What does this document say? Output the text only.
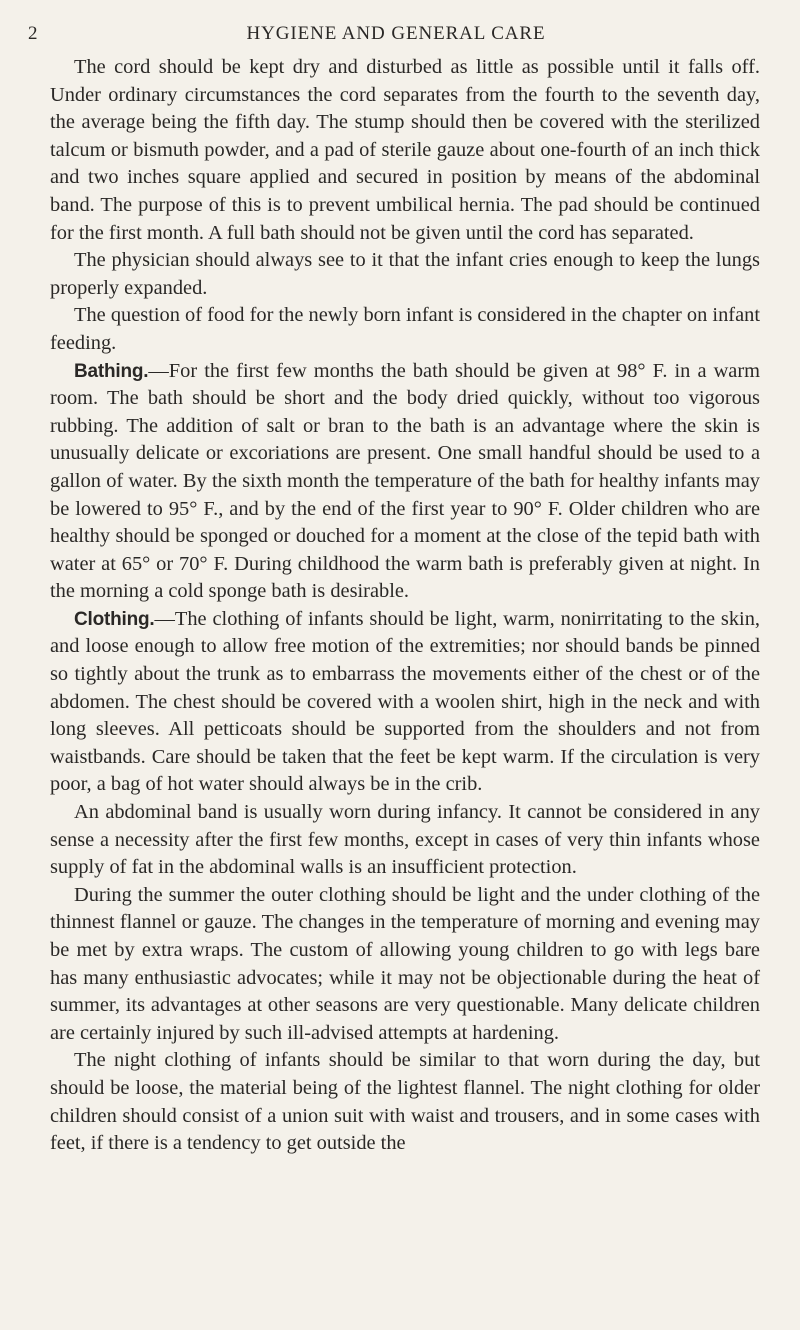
2	HYGIENE AND GENERAL CARE

The cord should be kept dry and disturbed as little as possible until it falls off. Under ordinary circumstances the cord separates from the fourth to the seventh day, the average being the fifth day. The stump should then be covered with the sterilized talcum or bismuth powder, and a pad of sterile gauze about one-fourth of an inch thick and two inches square applied and secured in position by means of the abdominal band. The purpose of this is to prevent umbilical hernia. The pad should be continued for the first month. A full bath should not be given until the cord has separated.

The physician should always see to it that the infant cries enough to keep the lungs properly expanded.

The question of food for the newly born infant is considered in the chapter on infant feeding.

Bathing.—For the first few months the bath should be given at 98° F. in a warm room. The bath should be short and the body dried quickly, without too vigorous rubbing. The addition of salt or bran to the bath is an advantage where the skin is unusually delicate or excoriations are present. One small handful should be used to a gallon of water. By the sixth month the temperature of the bath for healthy infants may be lowered to 95° F., and by the end of the first year to 90° F. Older children who are healthy should be sponged or douched for a moment at the close of the tepid bath with water at 65° or 70° F. During childhood the warm bath is preferably given at night. In the morning a cold sponge bath is desirable.

Clothing.—The clothing of infants should be light, warm, nonirritating to the skin, and loose enough to allow free motion of the extremities; nor should bands be pinned so tightly about the trunk as to embarrass the movements either of the chest or of the abdomen. The chest should be covered with a woolen shirt, high in the neck and with long sleeves. All petticoats should be supported from the shoulders and not from waistbands. Care should be taken that the feet be kept warm. If the circulation is very poor, a bag of hot water should always be in the crib.

An abdominal band is usually worn during infancy. It cannot be considered in any sense a necessity after the first few months, except in cases of very thin infants whose supply of fat in the abdominal walls is an insufficient protection.

During the summer the outer clothing should be light and the under clothing of the thinnest flannel or gauze. The changes in the temperature of morning and evening may be met by extra wraps. The custom of allowing young children to go with legs bare has many enthusiastic advocates; while it may not be objectionable during the heat of summer, its advantages at other seasons are very questionable. Many delicate children are certainly injured by such ill-advised attempts at hardening.

The night clothing of infants should be similar to that worn during the day, but should be loose, the material being of the lightest flannel. The night clothing for older children should consist of a union suit with waist and trousers, and in some cases with feet, if there is a tendency to get outside the
